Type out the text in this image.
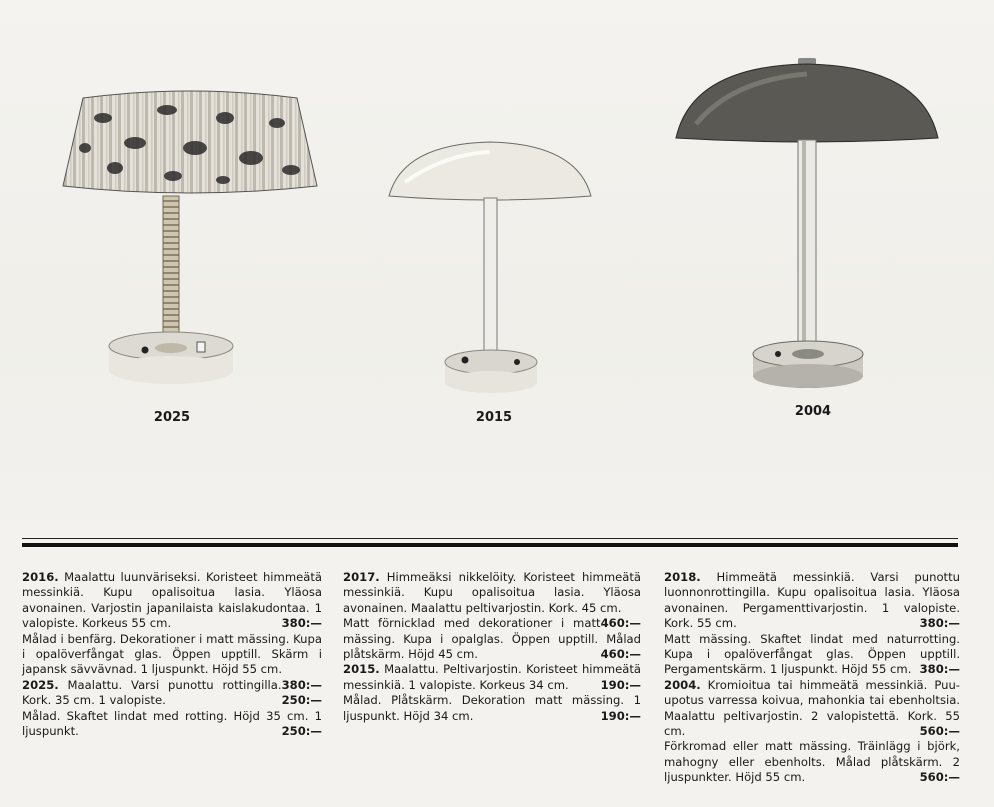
2025	2015	2004

2016. Maalattu luunväriseksi. Koristeet himmeätä messinkiä. Kupu opalisoitua lasia. Yläosa avonainen. Varjostin japanilaista kaislakudontaa. 1 valopiste. Korkeus 55 cm.	380:—

Målad i benfärg. Dekorationer i matt mässing. Kupa i opalöverfångat glas. Öppen upptill. Skärm i japansk sävvävnad. 1 ljuspunkt. Höjd 55 cm.
380:—

2025. Maalattu. Varsi punottu rottingilla. Kork. 35 cm. 1 valopiste.	250:—

Målad. Skaftet lindat med rotting. Höjd 35 cm. 1 ljuspunkt.	250:—

2017. Himmeäksi nikkelöity. Koristeet himmeätä messinkiä. Kupu opalisoitua lasia. Yläosa avonainen. Maalattu peltivarjostin. Kork. 45 cm.
460:—

Matt förnicklad med dekorationer i matt mässing. Kupa i opalglas. Öppen upptill. Målad plåtskärm. Höjd 45 cm.	460:—

2015. Maalattu. Peltivarjostin. Koristeet himmeätä messinkiä. 1 valopiste. Korkeus 34 cm.	190:—

Målad. Plåtskärm. Dekoration matt mässing. 1 ljuspunkt. Höjd 34 cm.	190:—

2018. Himmeätä messinkiä. Varsi punottu luonnonrottingilla. Kupu opalisoitua lasia. Yläosa avonainen. Pergamenttivarjostin. 1 valopiste. Kork. 55 cm.	380:—

Matt mässing. Skaftet lindat med naturrotting. Kupa i opalöverfångat glas. Öppen upptill. Pergamentskärm. 1 ljuspunkt. Höjd 55 cm. 380:—

2004. Kromioitua tai himmeätä messinkiä. Puu-upotus varressa koivua, mahonkia tai ebenholtsia. Maalattu peltivarjostin. 2 valopistettä. Kork. 55 cm.	560:—

Förkromad eller matt mässing. Träinlägg i björk, mahogny eller ebenholts. Målad plåtskärm. 2 ljuspunkter. Höjd 55 cm.	560:—
